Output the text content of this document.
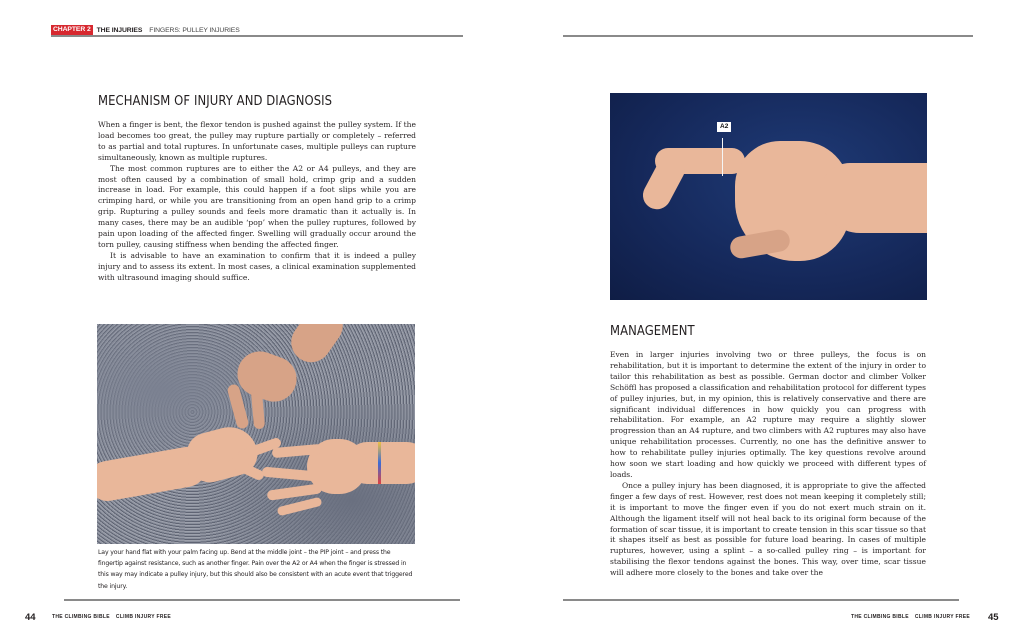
CHAPTER 2 THE INJURIES FINGERS: PULLEY INJURIES
MECHANISM OF INJURY AND DIAGNOSIS

When a finger is bent, the flexor tendon is pushed against the pulley system. If the load becomes too great, the pulley may rupture partially or completely – referred to as partial and total ruptures. In unfortunate cases, multiple pulleys can rupture simultaneously, known as multiple ruptures.

The most common ruptures are to either the A2 or A4 pulleys, and they are most often caused by a combination of small hold, crimp grip and a sudden increase in load. For example, this could happen if a foot slips while you are crimping hard, or while you are transitioning from an open hand grip to a crimp grip. Rupturing a pulley sounds and feels more dramatic than it actually is. In many cases, there may be an audible ‘pop’ when the pulley ruptures, followed by pain upon loading of the affected finger. Swelling will gradually occur around the torn pulley, causing stiffness when bending the affected finger.

It is advisable to have an examination to confirm that it is indeed a pulley injury and to assess its extent. In most cases, a clinical examination supplemented with ultrasound imaging should suffice.

Lay your hand flat with your palm facing up. Bend at the middle joint – the PIP joint – and press the fingertip against resistance, such as another finger. Pain over the A2 or A4 when the finger is stressed in this way may indicate a pulley injury, but this should also be consistent with an acute event that triggered the injury.

44	THE CLIMBING BIBLE CLIMB INJURY FREE
A2
MANAGEMENT

Even in larger injuries involving two or three pulleys, the focus is on rehabilitation, but it is important to determine the extent of the injury in order to tailor this rehabilitation as best as possible. German doctor and climber Volker Schöffl has proposed a classification and rehabilitation protocol for different types of pulley injuries, but, in my opinion, this is relatively conservative and there are significant individual differences in how quickly you can progress with rehabilitation. For example, an A2 rupture may require a slightly slower progression than an A4 rupture, and two climbers with A2 ruptures may also have unique rehabilitation processes. Currently, no one has the definitive answer to how to rehabilitate pulley injuries optimally. The key questions revolve around how soon we start loading and how quickly we proceed with different types of loads.

Once a pulley injury has been diagnosed, it is appropriate to give the affected finger a few days of rest. However, rest does not mean keeping it completely still; it is important to move the finger even if you do not exert much strain on it. Although the ligament itself will not heal back to its original form because of the formation of scar tissue, it is important to create tension in this scar tissue so that it shapes itself as best as possible for future load bearing. In cases of multiple ruptures, however, using a splint – a so-called pulley ring – is important for stabilising the flexor tendons against the bones. This way, over time, scar tissue will adhere more closely to the bones and take over the

THE CLIMBING BIBLE CLIMB INJURY FREE 45
